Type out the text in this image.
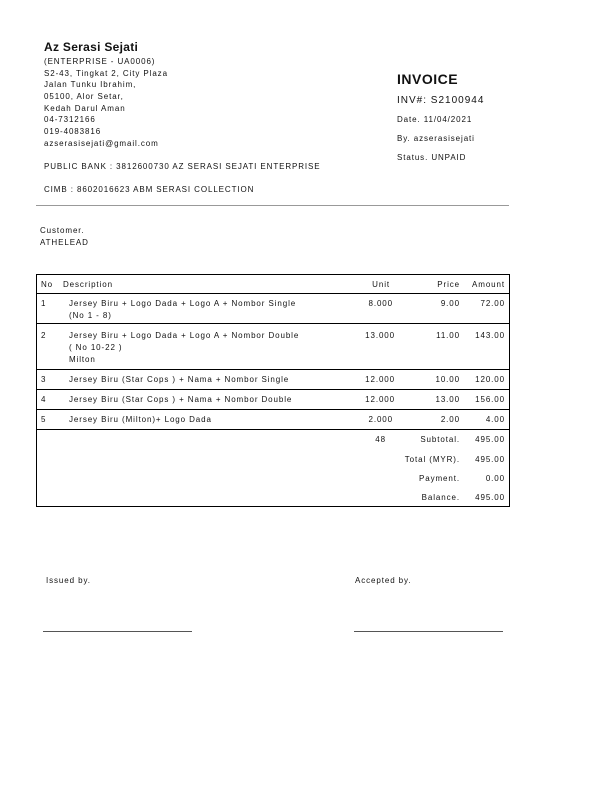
Az Serasi Sejati
(ENTERPRISE - UA0006)
S2-43, Tingkat 2, City Plaza
Jalan Tunku Ibrahim,
05100, Alor Setar,
Kedah Darul Aman
04-7312166
019-4083816
azserasisejati@gmail.com
PUBLIC BANK : 3812600730 AZ SERASI SEJATI ENTERPRISE
CIMB : 8602016623 ABM SERASI COLLECTION
INVOICE
INV#: S2100944
Date. 11/04/2021
By. azserasisejati
Status. UNPAID
Customer.
ATHELEAD
No Description	Unit	Price	Amount
1	Jersey Biru + Logo Dada + Logo A + Nombor Single
(No 1 - 8)
8.000	9.00	72.00
2	Jersey Biru + Logo Dada + Logo A + Nombor Double
( No 10-22 )
Milton
13.000	11.00	143.00
3	Jersey Biru (Star Cops ) + Nama + Nombor Single	12.000	10.00	120.00
4	Jersey Biru (Star Cops ) + Nama + Nombor Double	12.000	13.00	156.00
5	Jersey Biru (Milton)+ Logo Dada	2.000	2.00	4.00
48	Subtotal.	495.00
Total (MYR).	495.00
Payment.	0.00
Balance.	495.00
Issued by.	Accepted by.
